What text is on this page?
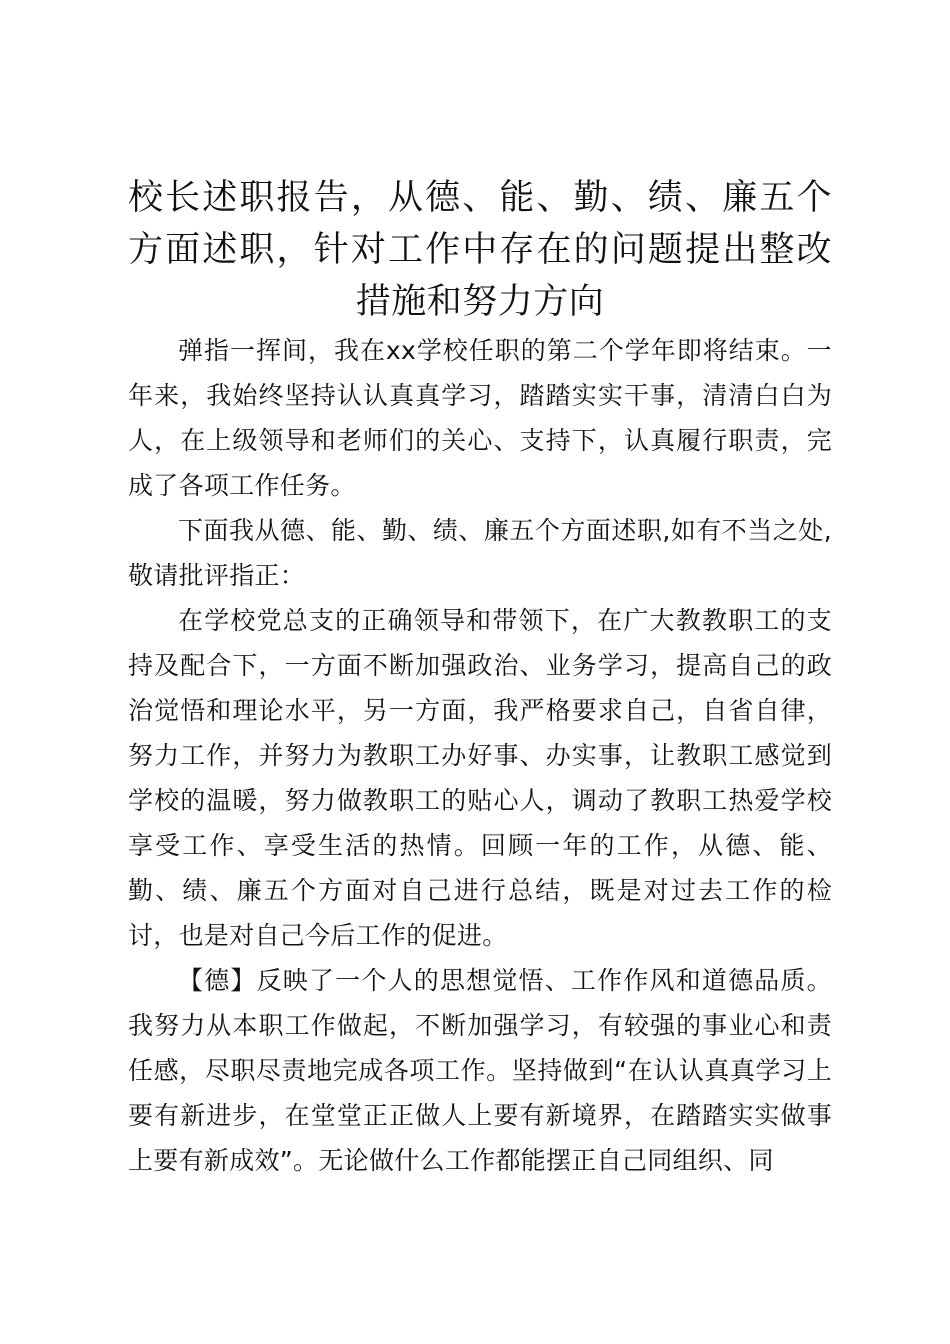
校长述职报告，从德、能、勤、绩、廉五个方面述职，针对工作中存在的问题提出整改措施和努力方向

弹指一挥间，我在xx学校任职的第二个学年即将结束。一年来，我始终坚持认认真真学习，踏踏实实干事，清清白白为人，在上级领导和老师们的关心、支持下，认真履行职责，完成了各项工作任务。

下面我从德、能、勤、绩、廉五个方面述职,如有不当之处,敬请批评指正：

在学校党总支的正确领导和带领下，在广大教教职工的支持及配合下，一方面不断加强政治、业务学习，提高自己的政治觉悟和理论水平，另一方面，我严格要求自己，自省自律，努力工作，并努力为教职工办好事、办实事，让教职工感觉到学校的温暖，努力做教职工的贴心人，调动了教职工热爱学校享受工作、享受生活的热情。回顾一年的工作，从德、能、勤、绩、廉五个方面对自己进行总结，既是对过去工作的检讨，也是对自己今后工作的促进。

【德】反映了一个人的思想觉悟、工作作风和道德品质。我努力从本职工作做起，不断加强学习，有较强的事业心和责任感，尽职尽责地完成各项工作。坚持做到“在认认真真学习上要有新进步，在堂堂正正做人上要有新境界，在踏踏实实做事上要有新成效”。无论做什么工作都能摆正自己同组织、同
